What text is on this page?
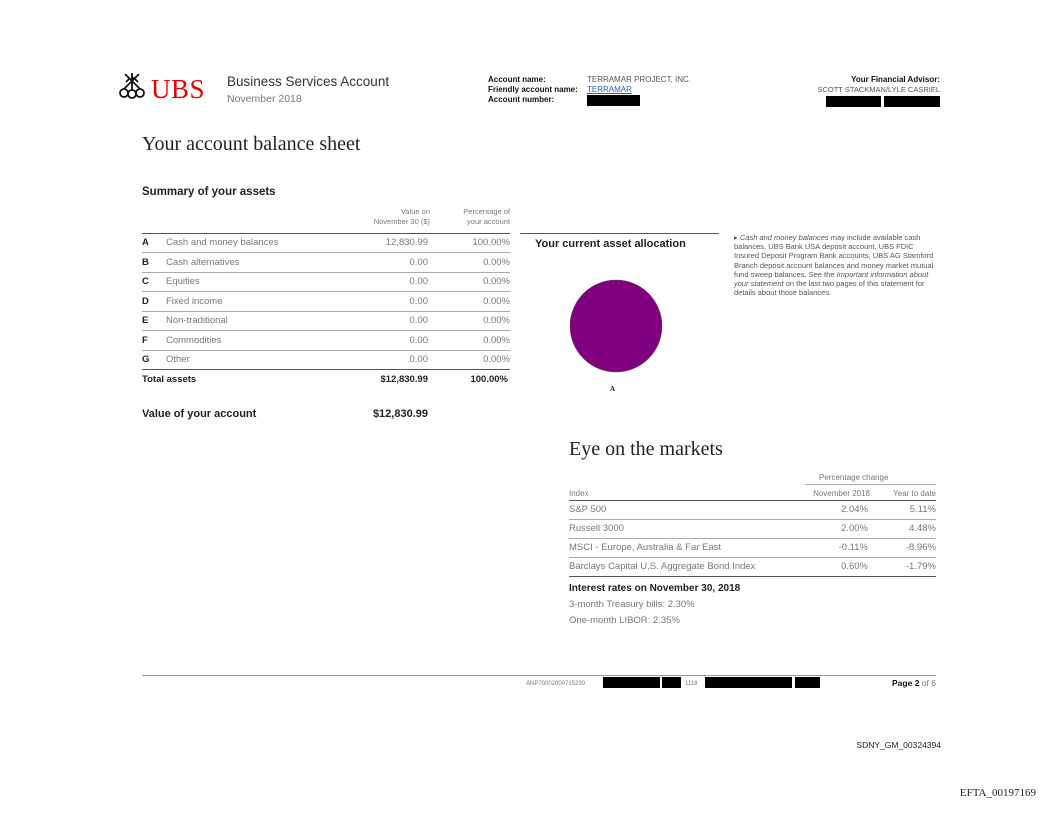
UBS Business Services Account
November 2018
Account name:	TERRAMAR PROJECT, INC.
Friendly account name: TERRAMAR
Account number:
Your Financial Advisor:
SCOTT STACKMAN/LYLE CASRIEL
Your account balance sheet
Summary of your assets
Value on
November 30 ($)
Percentage of
your account
A Cash and money balances	12,830.99	100.00%
B Cash alternatives	0.00	0.00%
C Equities	0.00	0.00%
D Fixed income	0.00	0.00%
E Non-traditional	0.00	0.00%
F Commodities	0.00	0.00%
G Other	0.00	0.00%
Total assets	$12,830.99	100.00%
Value of your account	$12,830.99
Your current asset allocation
A
▸ Cash and money balances may include available cash balances, UBS Bank USA deposit account, UBS FDIC Insured Deposit Program Bank accounts, UBS AG Stamford Branch deposit account balances and money market mutual fund sweep balances. See the Important information about your statement on the last two pages of this statement for details about those balances.
Eye on the markets
Percentage change
Index	November 2018	Year to date
S&P 500	2.04%	5.11%
Russell 3000	2.00%	4.48%
MSCI - Europe, Australia & Far East	-0.11%	-8.96%
Barclays Capital U.S. Aggregate Bond Index	0.60%	-1.79%
Interest rates on November 30, 2018
3-month Treasury bills: 2.30%
One-month LIBOR: 2.35%
ANP70002000715230	1118	Page 2 of 6
SDNY_GM_00324394
EFTA_00197169
